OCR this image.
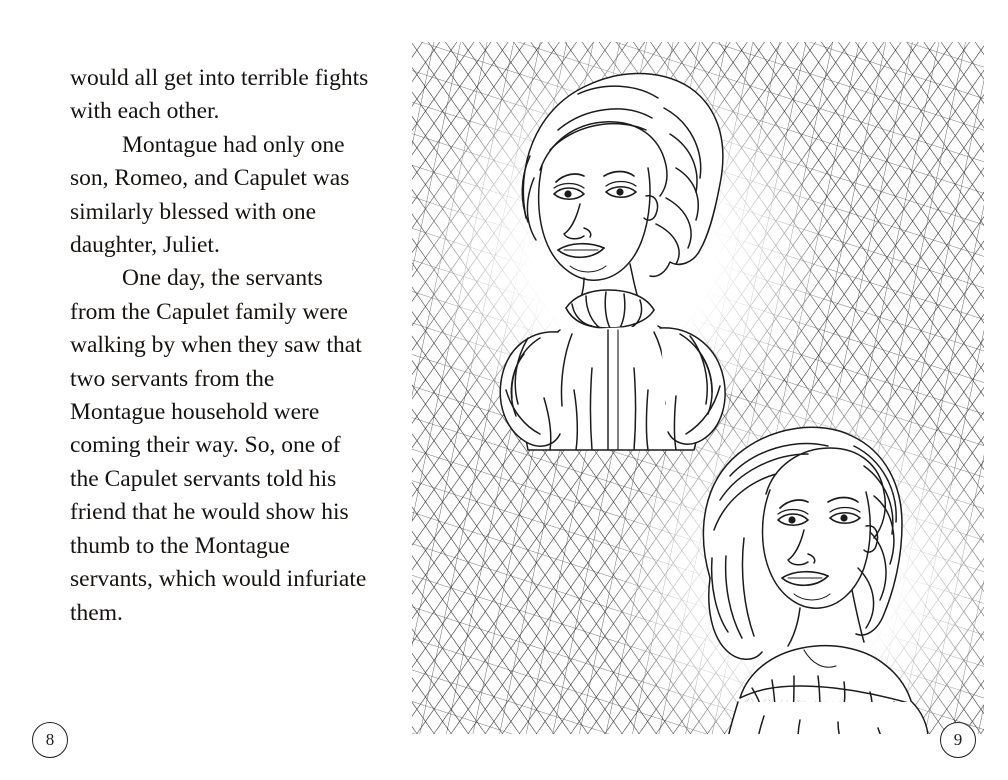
would all get into terrible fights with each other.

Montague had only one son, Romeo, and Capulet was similarly blessed with one daughter, Juliet.

One day, the servants from the Capulet family were walking by when they saw that two servants from the Montague household were coming their way. So, one of the Capulet servants told his friend that he would show his thumb to the Montague servants, which would infuriate them.

8	9
